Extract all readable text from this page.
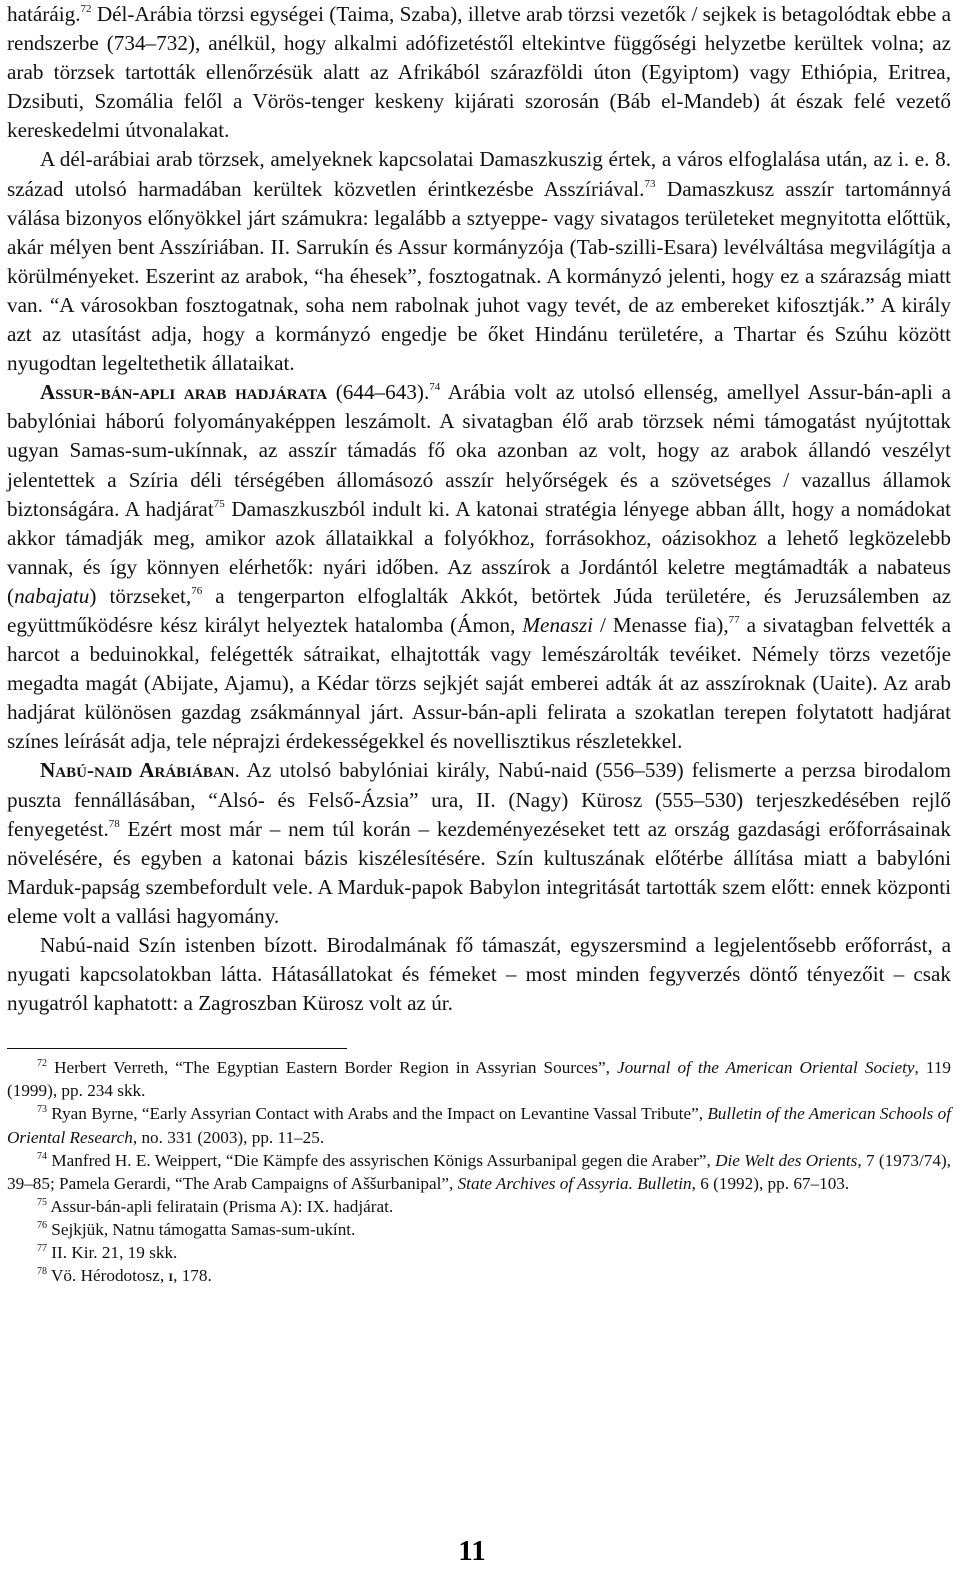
határáig.$^{72}$ Dél-Arábia törzsi egységei (Taima, Szaba), illetve arab törzsi vezetők / sejkek is betagolódtak ebbe a rendszerbe (734–732), anélkül, hogy alkalmi adófizetéstől eltekintve függőségi helyzetbe kerültek volna; az arab törzsek tartották ellenőrzésük alatt az Afrikából szárazföldi úton (Egyiptom) vagy Ethiópia, Eritrea, Dzsibuti, Szomália felől a Vörös-tenger keskeny kijárati szorosán (Báb el-Mandeb) át észak felé vezető kereskedelmi útvonalakat.

A dél-arábiai arab törzsek, amelyeknek kapcsolatai Damaszkuszig értek, a város elfoglalása után, az i. e. 8. század utolsó harmadában kerültek közvetlen érintkezésbe Asszíriával.$^{73}$ Damaszkusz asszír tartománnyá válása bizonyos előnyökkel járt számukra: legalább a sztyeppe- vagy sivatagos területeket megnyitotta előttük, akár mélyen bent Asszíriában. II. Sarrukín és Assur kormányzója (Tab-szilli-Esara) levélváltása megvilágítja a körülményeket. Eszerint az arabok, “ha éhesek”, fosztogatnak. A kormányzó jelenti, hogy ez a szárazság miatt van. “A városokban fosztogatnak, soha nem rabolnak juhot vagy tevét, de az embereket kifosztják.” A király azt az utasítást adja, hogy a kormányzó engedje be őket Hindánu területére, a Thartar és Szúhu között nyugodtan legeltethetik állataikat.

Assur-bán-apli arab hadjárata (644–643).$^{74}$ Arábia volt az utolsó ellenség, amellyel Assur-bán-apli a babylóniai háború folyományaképpen leszámolt. A sivatagban élő arab törzsek némi támogatást nyújtottak ugyan Samas-sum-ukínnak, az asszír támadás fő oka azonban az volt, hogy az arabok állandó veszélyt jelentettek a Szíria déli térségében állomásozó asszír helyőrségek és a szövetséges / vazallus államok biztonságára. A hadjárat$^{75}$ Damaszkuszból indult ki. A katonai stratégia lényege abban állt, hogy a nomádokat akkor támadják meg, amikor azok állataikkal a folyókhoz, forrásokhoz, oázisokhoz a lehető legközelebb vannak, és így könnyen elérhetők: nyári időben. Az asszírok a Jordántól keletre megtámadták a nabateus (nabajatu) törzseket,$^{76}$ a tengerparton elfoglalták Akkót, betörtek Júda területére, és Jeruzsálemben az együttműködésre kész királyt helyeztek hatalomba (Ámon, Menaszi / Menasse fia),$^{77}$ a sivatagban felvették a harcot a beduinokkal, felégették sátraikat, elhajtották vagy lemészárolták tevéiket. Némely törzs vezetője megadta magát (Abijate, Ajamu), a Kédar törzs sejkjét saját emberei adták át az asszíroknak (Uaite). Az arab hadjárat különösen gazdag zsákmánnyal járt. Assur-bán-apli felirata a szokatlan terepen folytatott hadjárat színes leírását adja, tele néprajzi érdekességekkel és novellisztikus részletekkel.

Nabú-naid Arábiában. Az utolsó babylóniai király, Nabú-naid (556–539) felismerte a perzsa birodalom puszta fennállásában, “Alsó- és Felső-Ázsia” ura, II. (Nagy) Kürosz (555–530) terjeszkedésében rejlő fenyegetést.$^{78}$ Ezért most már – nem túl korán – kezdeményezéseket tett az ország gazdasági erőforrásainak növelésére, és egyben a katonai bázis kiszélesítésére. Szín kultuszának előtérbe állítása miatt a babylóni Marduk-papság szembefordult vele. A Marduk-papok Babylon integritását tartották szem előtt: ennek központi eleme volt a vallási hagyomány.

Nabú-naid Szín istenben bízott. Birodalmának fő támaszát, egyszersmind a legjelentősebb erőforrást, a nyugati kapcsolatokban látta. Hátasállatokat és fémeket – most minden fegyverzés döntő tényezőit – csak nyugatról kaphatott: a Zagroszban Kürosz volt az úr.

$^{72}$ Herbert Verreth, “The Egyptian Eastern Border Region in Assyrian Sources”, Journal of the American Oriental Society, 119 (1999), pp. 234 skk.

$^{73}$ Ryan Byrne, “Early Assyrian Contact with Arabs and the Impact on Levantine Vassal Tribute”, Bulletin of the American Schools of Oriental Research, no. 331 (2003), pp. 11–25.

$^{74}$ Manfred H. E. Weippert, “Die Kämpfe des assyrischen Königs Assurbanipal gegen die Araber”, Die Welt des Orients, 7 (1973/74), 39–85; Pamela Gerardi, “The Arab Campaigns of Aššurbanipal”, State Archives of Assyria. Bulletin, 6 (1992), pp. 67–103.

$^{75}$ Assur-bán-apli feliratain (Prisma A): IX. hadjárat.

$^{76}$ Sejkjük, Natnu támogatta Samas-sum-ukínt.

$^{77}$ II. Kir. 21, 19 skk.

$^{78}$ Vö. Hérodotosz, i, 178.

11
